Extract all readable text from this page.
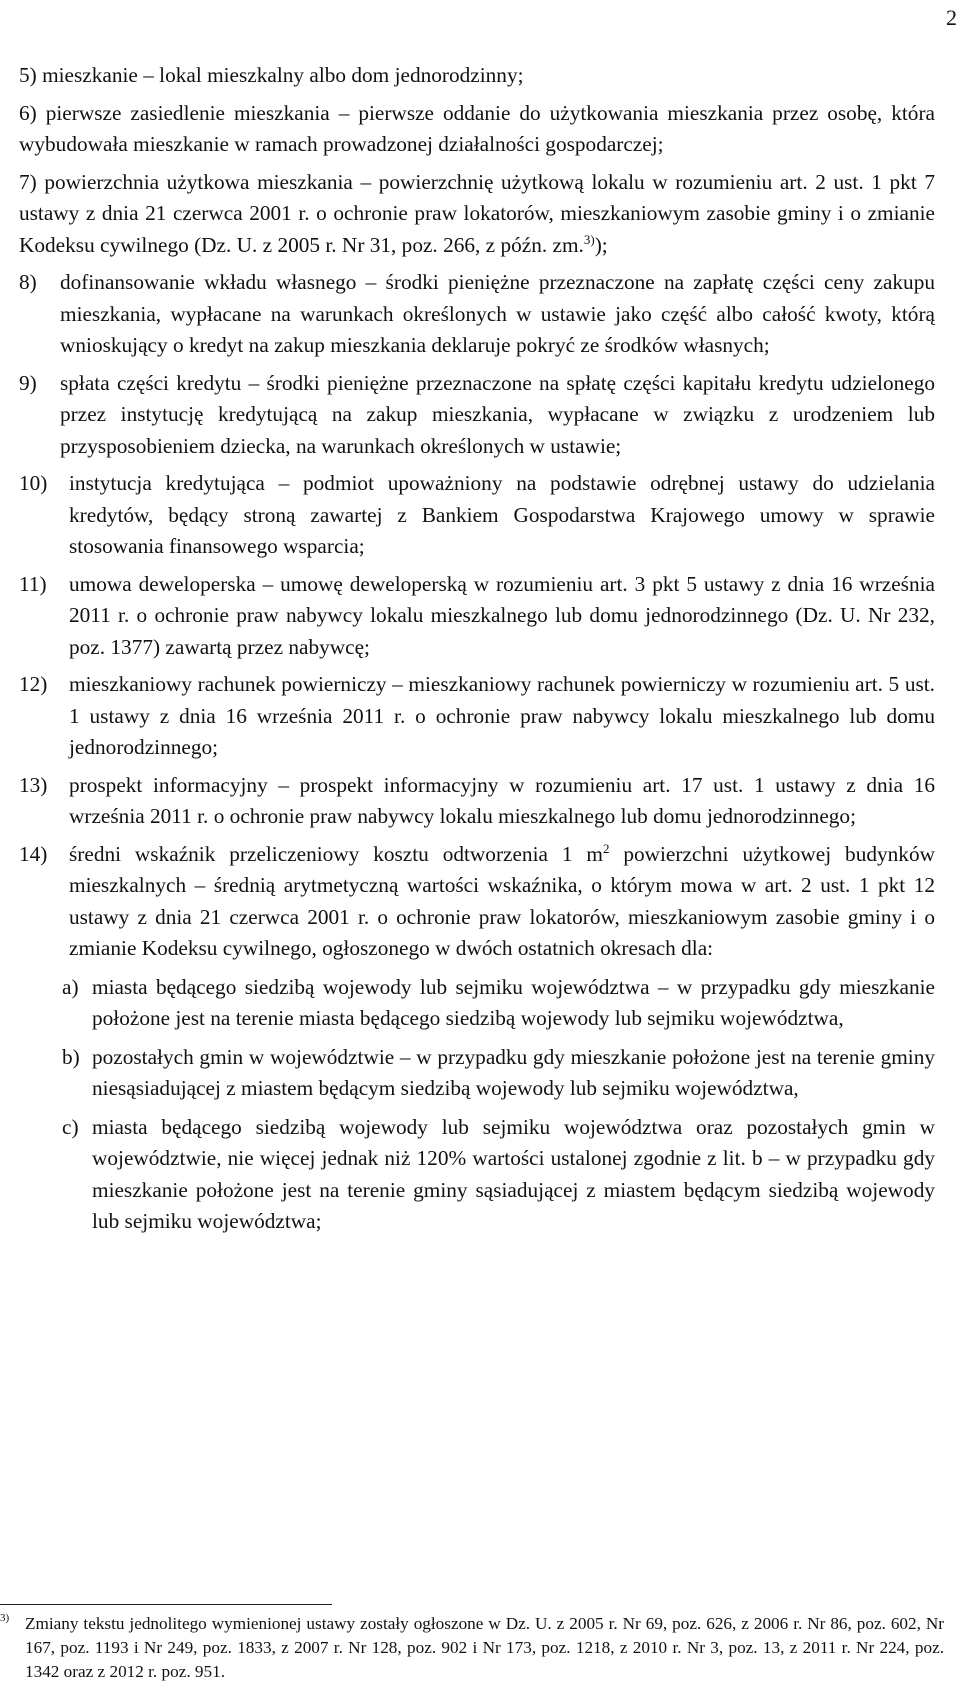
2
5) mieszkanie – lokal mieszkalny albo dom jednorodzinny;
6) pierwsze zasiedlenie mieszkania – pierwsze oddanie do użytkowania mieszkania przez osobę, która wybudowała mieszkanie w ramach prowadzonej działalności gospodarczej;
7) powierzchnia użytkowa mieszkania – powierzchnię użytkową lokalu w rozumieniu art. 2 ust. 1 pkt 7 ustawy z dnia 21 czerwca 2001 r. o ochronie praw lokatorów, mieszkaniowym zasobie gminy i o zmianie Kodeksu cywilnego (Dz. U. z 2005 r. Nr 31, poz. 266, z późn. zm.$^{3)}$);
8) dofinansowanie wkładu własnego – środki pieniężne przeznaczone na zapłatę części ceny zakupu mieszkania, wypłacane na warunkach określonych w ustawie jako część albo całość kwoty, którą wnioskujący o kredyt na zakup mieszkania deklaruje pokryć ze środków własnych;
9) spłata części kredytu – środki pieniężne przeznaczone na spłatę części kapitału kredytu udzielonego przez instytucję kredytującą na zakup mieszkania, wypłacane w związku z urodzeniem lub przysposobieniem dziecka, na warunkach określonych w ustawie;
10) instytucja kredytująca – podmiot upoważniony na podstawie odrębnej ustawy do udzielania kredytów, będący stroną zawartej z Bankiem Gospodarstwa Krajowego umowy w sprawie stosowania finansowego wsparcia;
11) umowa deweloperska – umowę deweloperską w rozumieniu art. 3 pkt 5 ustawy z dnia 16 września 2011 r. o ochronie praw nabywcy lokalu mieszkalnego lub domu jednorodzinnego (Dz. U. Nr 232, poz. 1377) zawartą przez nabywcę;
12) mieszkaniowy rachunek powierniczy – mieszkaniowy rachunek powierniczy w rozumieniu art. 5 ust. 1 ustawy z dnia 16 września 2011 r. o ochronie praw nabywcy lokalu mieszkalnego lub domu jednorodzinnego;
13) prospekt informacyjny – prospekt informacyjny w rozumieniu art. 17 ust. 1 ustawy z dnia 16 września 2011 r. o ochronie praw nabywcy lokalu mieszkalnego lub domu jednorodzinnego;
14) średni wskaźnik przeliczeniowy kosztu odtworzenia 1 $m^2$ powierzchni użytkowej budynków mieszkalnych – średnią arytmetyczną wartości wskaźnika, o którym mowa w art. 2 ust. 1 pkt 12 ustawy z dnia 21 czerwca 2001 r. o ochronie praw lokatorów, mieszkaniowym zasobie gminy i o zmianie Kodeksu cywilnego, ogłoszonego w dwóch ostatnich okresach dla:
a) miasta będącego siedzibą wojewody lub sejmiku województwa – w przypadku gdy mieszkanie położone jest na terenie miasta będącego siedzibą wojewody lub sejmiku województwa,
b) pozostałych gmin w województwie – w przypadku gdy mieszkanie położone jest na terenie gminy niesąsiadującej z miastem będącym siedzibą wojewody lub sejmiku województwa,
c) miasta będącego siedzibą wojewody lub sejmiku województwa oraz pozostałych gmin w województwie, nie więcej jednak niż 120% wartości ustalonej zgodnie z lit. b – w przypadku gdy mieszkanie położone jest na terenie gminy sąsiadującej z miastem będącym siedzibą wojewody lub sejmiku województwa;
3) Zmiany tekstu jednolitego wymienionej ustawy zostały ogłoszone w Dz. U. z 2005 r. Nr 69, poz. 626, z 2006 r. Nr 86, poz. 602, Nr 167, poz. 1193 i Nr 249, poz. 1833, z 2007 r. Nr 128, poz. 902 i Nr 173, poz. 1218, z 2010 r. Nr 3, poz. 13, z 2011 r. Nr 224, poz. 1342 oraz z 2012 r. poz. 951.
